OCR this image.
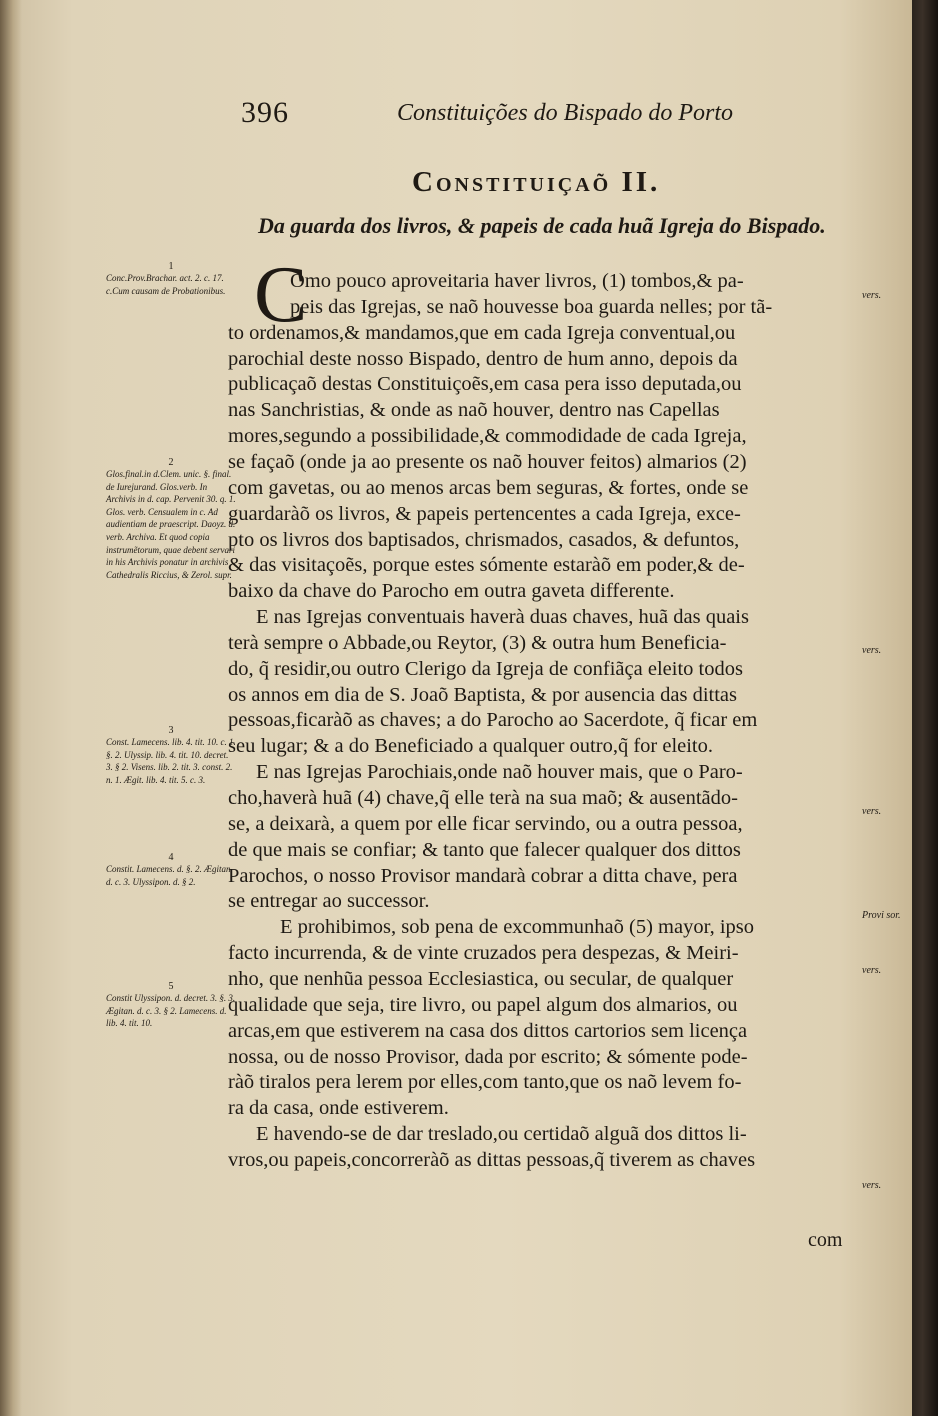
396	Constituições do Bispado do Porto
Constituiçaõ II.
Da guarda dos livros, & papeis de cada huã Igreja do Bispado.
1
Conc.Prov.Brachar. act. 2. c. 17. c.Cum causam de Probationibus.
2
Glos.final.in d.Clem. unic. §. final. de Iurejurand. Glos.verb. In Archivis in d. cap. Pervenit 30. q. 1. Glos. verb. Censualem in c. Ad audientiam de praescript. Daoyz. d. verb. Archiva. Et quod copia instrumẽtorum, quae debent servari in his Archivis ponatur in archivis Cathedralis Riccius, & Zerol. supr.
3
Const. Lamecens. lib. 4. tit. 10. c. 1. §. 2. Ulyssip. lib. 4. tit. 10. decret. 3. § 2. Visens. lib. 2. tit. 3. const. 2. n. 1. Ægit. lib. 4. tit. 5. c. 3.
4
Constit. Lamecens. d. §. 2. Ægitan. d. c. 3. Ulyssipon. d. § 2.
5
Constit Ulyssipon. d. decret. 3. §. 3. Ægitan. d. c. 3. § 2. Lamecens. d. lib. 4. tit. 10.
C
Omo pouco aproveitaria haver livros, (1) tombos,& pa-
peis das Igrejas, se naõ houvesse boa guarda nelles; por tã-
to ordenamos,& mandamos,que em cada Igreja conventual,ou
parochial deste nosso Bispado, dentro de hum anno, depois da
publicaçaõ destas Constituiçoẽs,em casa pera isso deputada,ou
nas Sanchristias, & onde as naõ houver, dentro nas Capellas
mores,segundo a possibilidade,& commodidade de cada Igreja,
se façaõ (onde ja ao presente os naõ houver feitos) almarios (2)
com gavetas, ou ao menos arcas bem seguras, & fortes, onde se
guardaràõ os livros, & papeis pertencentes a cada Igreja, exce-
pto os livros dos baptisados, chrismados, casados, & defuntos,
& das visitaçoẽs, porque estes sómente estaràõ em poder,& de-
baixo da chave do Parocho em outra gaveta differente.
E nas Igrejas conventuais haverà duas chaves, huã das quais
terà sempre o Abbade,ou Reytor, (3) & outra hum Beneficia-
do, q̃ residir,ou outro Clerigo da Igreja de confiãça eleito todos
os annos em dia de S. Joaõ Baptista, & por ausencia das dittas
pessoas,ficaràõ as chaves; a do Parocho ao Sacerdote, q̃ ficar em
seu lugar; & a do Beneficiado a qualquer outro,q̃ for eleito.
E nas Igrejas Parochiais,onde naõ houver mais, que o Paro-
cho,haverà huã (4) chave,q̃ elle terà na sua maõ; & ausentãdo-
se, a deixarà, a quem por elle ficar servindo, ou a outra pessoa,
de que mais se confiar; & tanto que falecer qualquer dos dittos
Parochos, o nosso Provisor mandarà cobrar a ditta chave, pera
se entregar ao successor.
E prohibimos, sob pena de excommunhaõ (5) mayor, ipso
facto incurrenda, & de vinte cruzados pera despezas, & Meiri-
nho, que nenhũa pessoa Ecclesiastica, ou secular, de qualquer
qualidade que seja, tire livro, ou papel algum dos almarios, ou
arcas,em que estiverem na casa dos dittos cartorios sem licença
nossa, ou de nosso Provisor, dada por escrito; & sómente pode-
ràõ tiralos pera lerem por elles,com tanto,que os naõ levem fo-
ra da casa, onde estiverem.
E havendo-se de dar treslado,ou certidaõ alguã dos dittos li-
vros,ou papeis,concorreràõ as dittas pessoas,q̃ tiverem as chaves
vers.
vers.
vers.
Provi sor.
vers.
vers.
com
